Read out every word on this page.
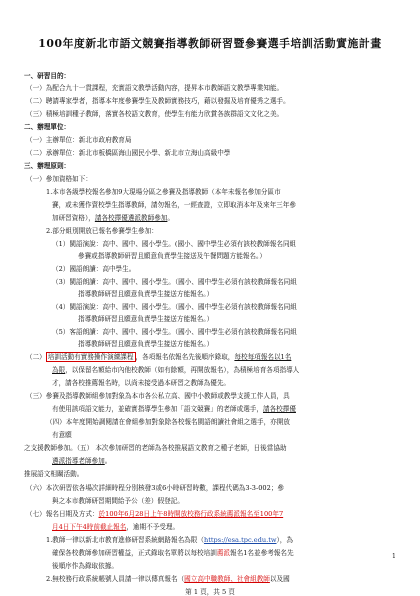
100年度新北市語文競賽指導教師研習暨參賽選手培訓活動實施計畫
一、研習目的：
（一）為配合九十一貫課程，充實語文教學活動內容，提昇本市教師語文教學專業知能。
（二）聘請專家學者，指導本年度參賽學生及教師實務技巧，藉以發掘及培育優秀之選手。
（三）積極培訓種子教師，落實各校語文教育，使學生有能力欣賞各族群語文文化之美。
二、辦理單位：
（一）主辦單位：新北市政府教育局
（二）承辦單位：新北市板橋區海山國民小學、新北市立海山高級中學
三、辦理原則：
（一）參加資格如下：
1.本市各級學校報名參加9大現場分區之參賽及指導教師（本年未報名參加分區市
賽，或未獲作賣校學生指導教師，請勿報名，一經查證，立即取消本年及來年三年參
加研習資格），請各校擇優遴派教師參加。
2.部分組別開放已報名參賽學生參加：
（1）閩語演說：高中、國中、國小學生。(國小、國中學生必須有該校教師報名同組
參賽或指導教師研習且願意負責學生接送及午餐問題方能報名。）
（2）國語朗讀：高中學生。
（3）閩語朗讀：高中、國中、國小學生。（國小、國中學生必須有該校教師報名同組
指導教師研習且願意負責學生接送方能報名。）
（4）閩語演說：高中、國中、國小學生。（國小、國中學生必須有該校教師報名同組
指導教師研習且願意負責學生接送方能報名。）
（5）客語朗讀：高中、國中、國小學生。（國小、國中學生必須有該校教師報名同組
指導教師研習且願意負責學生接送方能報名。）
（二） 培訓活動有實務操作演練課程 ，各項報名依報名先後順序錄取，每校每項報名以1名
為限，以保留名額給市內他校教師（如有餘額，再開放報名），為積極培育各項指導人
才，請各校推薦報名時，以尚未接受過本研習之教師為優先。
（三）參賽及指導教師組參加對象為本市各公私立高、國中小教師或教學支援工作人員，具
有使用該項語文能力，並確實指導學生參加「語文競賽」的老師或選手，請各校擇優
（四）本年度開始調閱請在會組參加對象除各校報名閩語朗讀社會組之選手，亦開放
有意願
之支援教師參加。（五） 本次參加研習的老師為各校推展語文教育之種子老師，日後當協助
遴派指導老師參加。
推展語文相關活動。
（六）本次研習依各場次詳細時程分別核發3或6小時研習時數，課程代碼為3-3-002；參
與之本市教師研習期間給予公（差）假登記。
（七）報名日期及方式：於100年6月28日上午8時開放校務行政系統薦派報名至100年7
月4日下午4時前截止報名，逾期不予受理。
1.教師一律以新北市教育進修研習系統網路報名為限（https://esa.tpc.edu.tw），為
確保各校教師參加研習權益，正式錄取名單將以每校培訓薦派報名1名並參考報名先
後順序作為錄取依據。
2.無校務行政系統帳號人員請一律以傳真報名（國立高中職教師、社會組教師以及國
1
第 1 頁，共 5 頁
